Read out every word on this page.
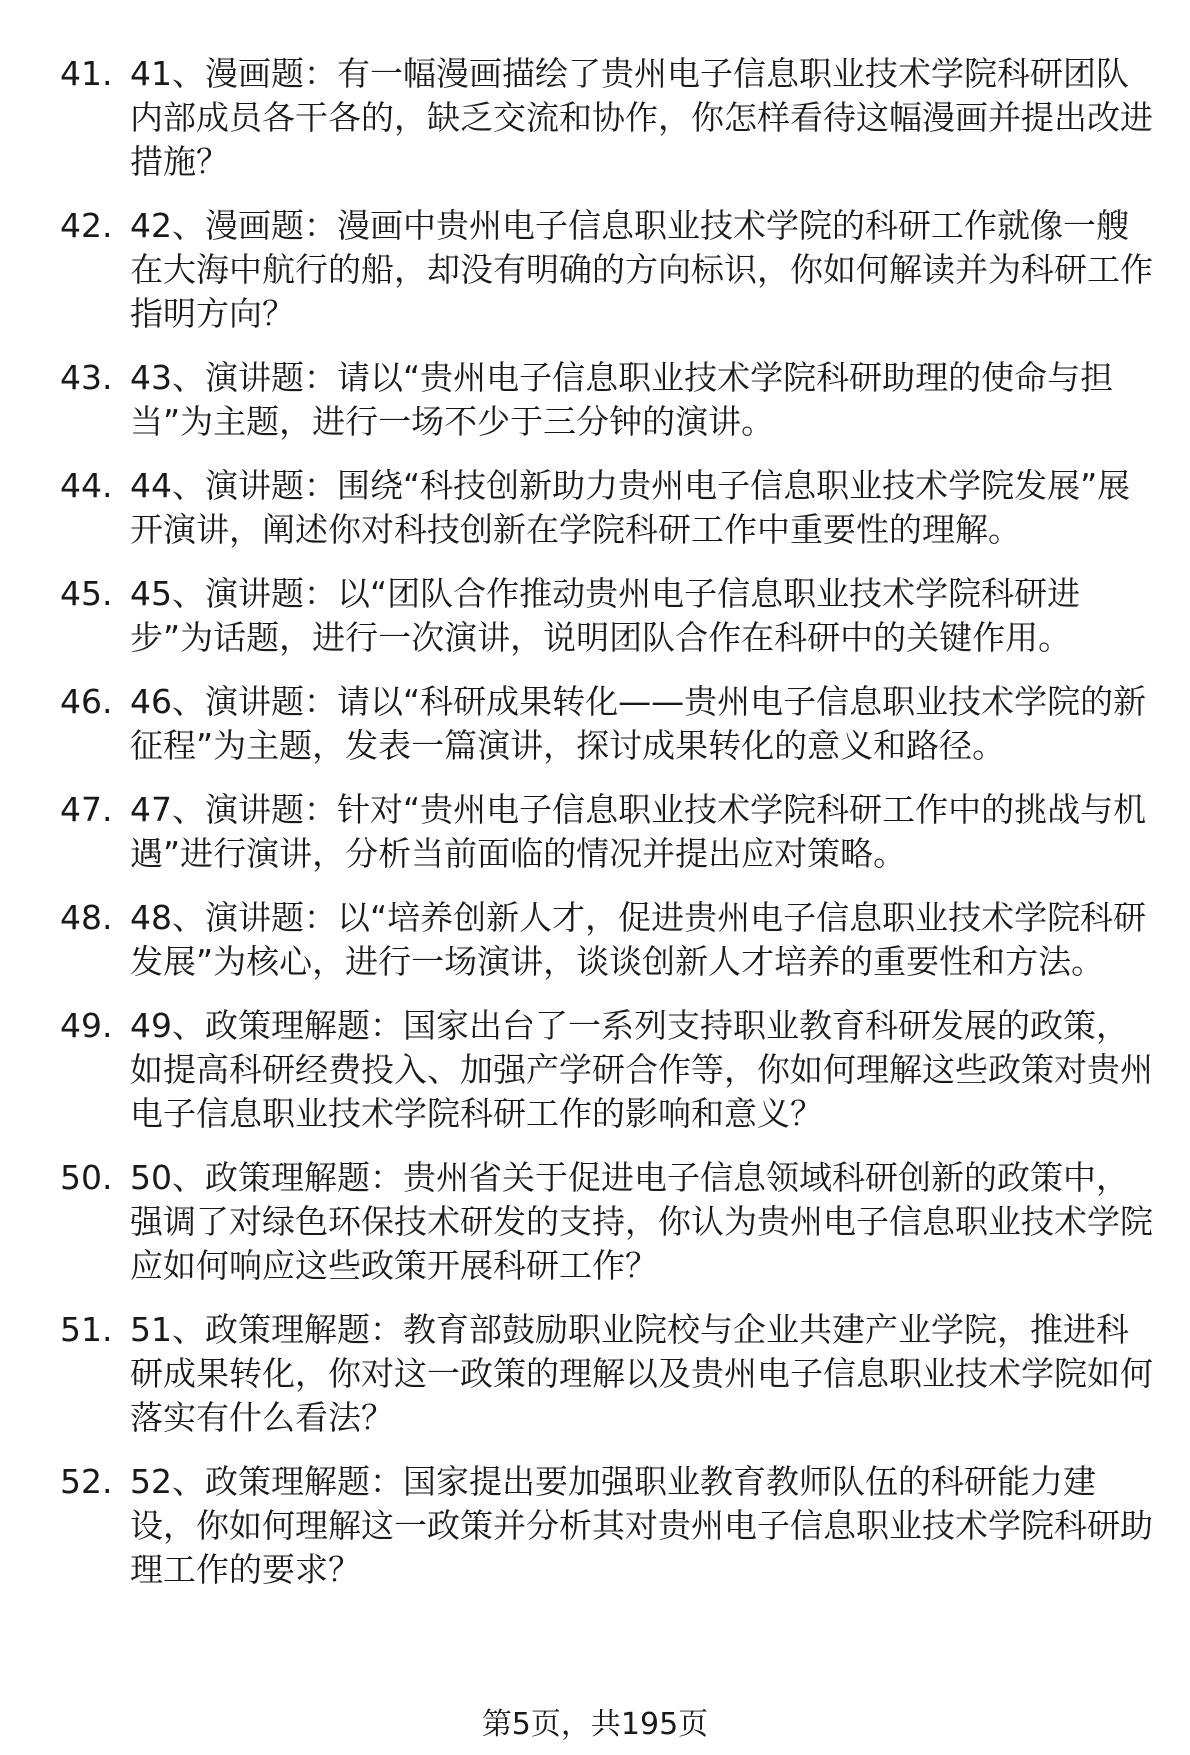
41. 41、漫画题：有一幅漫画描绘了贵州电子信息职业技术学院科研团队内部成员各干各的，缺乏交流和协作，你怎样看待这幅漫画并提出改进措施？
42. 42、漫画题：漫画中贵州电子信息职业技术学院的科研工作就像一艘在大海中航行的船，却没有明确的方向标识，你如何解读并为科研工作指明方向？
43. 43、演讲题：请以“贵州电子信息职业技术学院科研助理的使命与担当”为主题，进行一场不少于三分钟的演讲。
44. 44、演讲题：围绕“科技创新助力贵州电子信息职业技术学院发展”展开演讲，阐述你对科技创新在学院科研工作中重要性的理解。
45. 45、演讲题：以“团队合作推动贵州电子信息职业技术学院科研进步”为话题，进行一次演讲，说明团队合作在科研中的关键作用。
46. 46、演讲题：请以“科研成果转化——贵州电子信息职业技术学院的新征程”为主题，发表一篇演讲，探讨成果转化的意义和路径。
47. 47、演讲题：针对“贵州电子信息职业技术学院科研工作中的挑战与机遇”进行演讲，分析当前面临的情况并提出应对策略。
48. 48、演讲题：以“培养创新人才，促进贵州电子信息职业技术学院科研发展”为核心，进行一场演讲，谈谈创新人才培养的重要性和方法。
49. 49、政策理解题：国家出台了一系列支持职业教育科研发展的政策，如提高科研经费投入、加强产学研合作等，你如何理解这些政策对贵州电子信息职业技术学院科研工作的影响和意义？
50. 50、政策理解题：贵州省关于促进电子信息领域科研创新的政策中，强调了对绿色环保技术研发的支持，你认为贵州电子信息职业技术学院应如何响应这些政策开展科研工作？
51. 51、政策理解题：教育部鼓励职业院校与企业共建产业学院，推进科研成果转化，你对这一政策的理解以及贵州电子信息职业技术学院如何落实有什么看法？
52. 52、政策理解题：国家提出要加强职业教育教师队伍的科研能力建设，你如何理解这一政策并分析其对贵州电子信息职业技术学院科研助理工作的要求？
第5页，共195页
